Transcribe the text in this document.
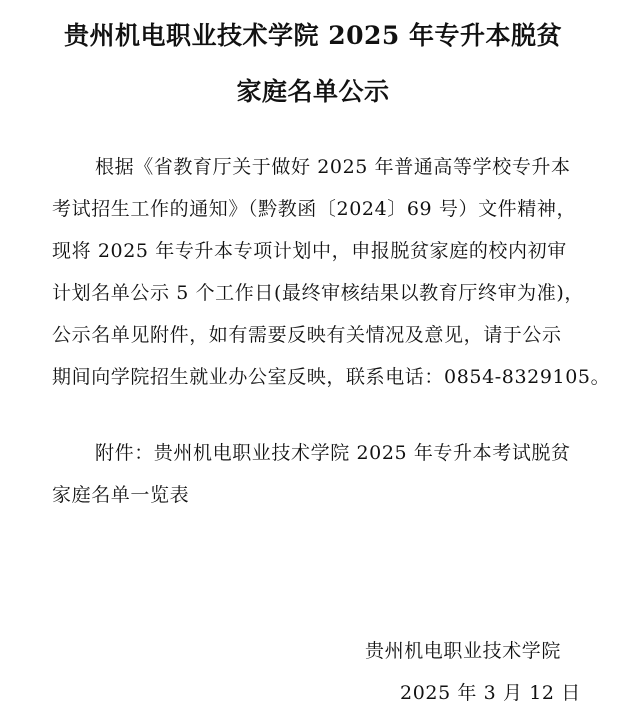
贵州机电职业技术学院 2025 年专升本脱贫
家庭名单公示
根据《省教育厅关于做好 2025 年普通高等学校专升本
考试招生工作的通知》（黔教函〔2024〕69 号）文件精神，
现将 2025 年专升本专项计划中，申报脱贫家庭的校内初审
计划名单公示 5 个工作日(最终审核结果以教育厅终审为准)，
公示名单见附件，如有需要反映有关情况及意见，请于公示
期间向学院招生就业办公室反映，联系电话：0854-8329105。
附件：贵州机电职业技术学院 2025 年专升本考试脱贫
家庭名单一览表
贵州机电职业技术学院
2025 年 3 月 12 日
